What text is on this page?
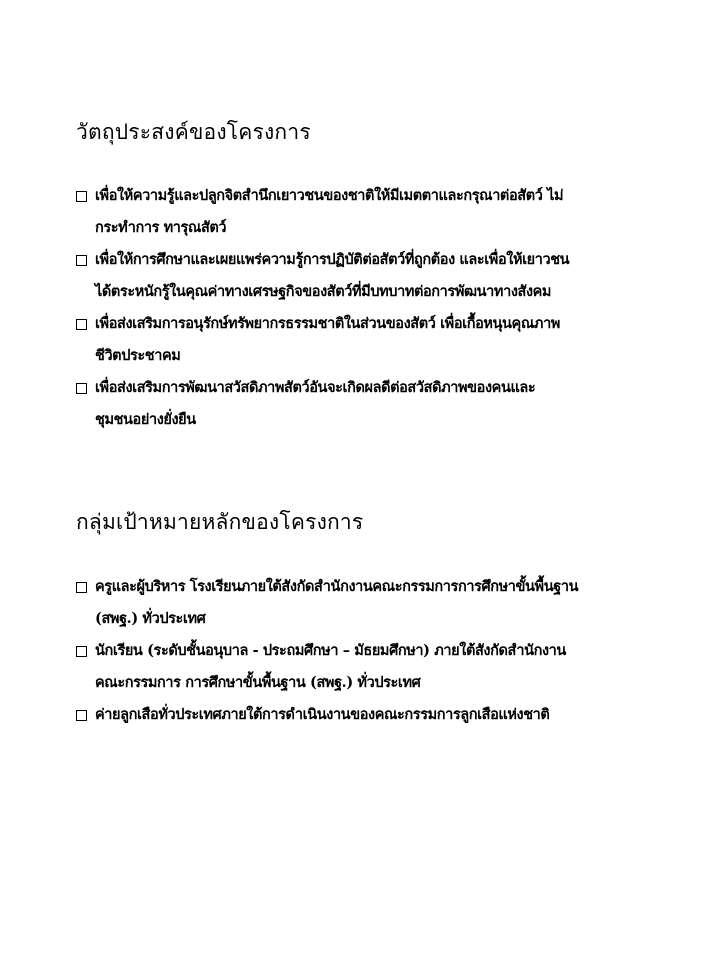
วัตถุประสงค์ของโครงการ
เพื่อให้ความรู้และปลูกจิตสำนึกเยาวชนของชาติให้มีเมตตาและกรุณาต่อสัตว์ ไม่
กระทำการ ทารุณสัตว์
เพื่อให้การศึกษาและเผยแพร่ความรู้การปฏิบัติต่อสัตว์ที่ถูกต้อง และเพื่อให้เยาวชน
ได้ตระหนักรู้ในคุณค่าทางเศรษฐกิจของสัตว์ที่มีบทบาทต่อการพัฒนาทางสังคม
เพื่อส่งเสริมการอนุรักษ์ทรัพยากรธรรมชาติในส่วนของสัตว์ เพื่อเกื้อหนุนคุณภาพ
ชีวิตประชาคม
เพื่อส่งเสริมการพัฒนาสวัสดิภาพสัตว์อันจะเกิดผลดีต่อสวัสดิภาพของคนและ
ชุมชนอย่างยั่งยืน
กลุ่มเป้าหมายหลักของโครงการ
ครูและผู้บริหาร โรงเรียนภายใต้สังกัดสำนักงานคณะกรรมการการศึกษาขั้นพื้นฐาน
(สพฐ.) ทั่วประเทศ
นักเรียน (ระดับชั้นอนุบาล - ประถมศึกษา – มัธยมศึกษา) ภายใต้สังกัดสำนักงาน
คณะกรรมการ การศึกษาขั้นพื้นฐาน (สพฐ.) ทั่วประเทศ
ค่ายลูกเสือทั่วประเทศภายใต้การดำเนินงานของคณะกรรมการลูกเสือแห่งชาติ
